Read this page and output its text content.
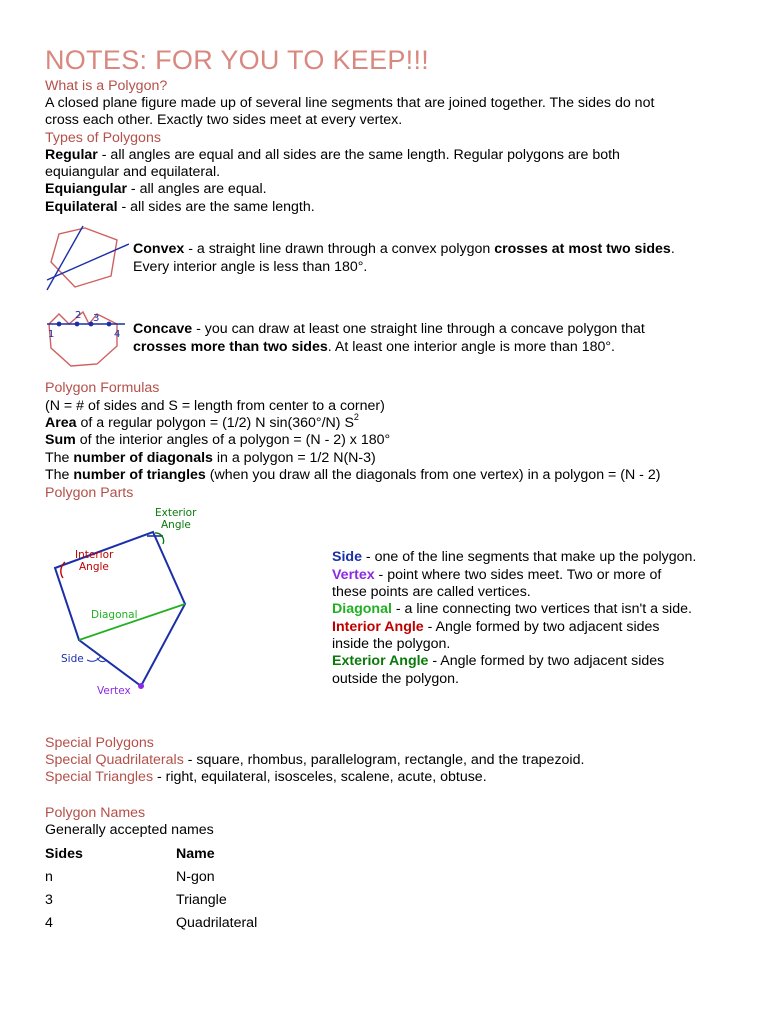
NOTES: FOR YOU TO KEEP!!!
What is a Polygon?
A closed plane figure made up of several line segments that are joined together. The sides do not
cross each other. Exactly two sides meet at every vertex.
Types of Polygons
Regular - all angles are equal and all sides are the same length. Regular polygons are both
equiangular and equilateral.
Equiangular - all angles are equal.
Equilateral - all sides are the same length.
Convex - a straight line drawn through a convex polygon crosses at most two sides.
Every interior angle is less than 180°.
1
2 3
4 Concave - you can draw at least one straight line through a concave polygon that
crosses more than two sides. At least one interior angle is more than 180°.
Polygon Formulas
(N = # of sides and S = length from center to a corner)
Area of a regular polygon = (1/2) N sin(360°/N) $S^2$
Sum of the interior angles of a polygon = (N - 2) x 180°
The number of diagonals in a polygon = 1/2 N(N-3)
The number of triangles (when you draw all the diagonals from one vertex) in a polygon = (N - 2)
Polygon Parts
Exterior
Angle
Interior
Angle
Diagonal
Side
Vertex
Side - one of the line segments that make up the polygon.
Vertex - point where two sides meet. Two or more of
these points are called vertices.
Diagonal - a line connecting two vertices that isn't a side.
Interior Angle - Angle formed by two adjacent sides
inside the polygon.
Exterior Angle - Angle formed by two adjacent sides
outside the polygon.
Special Polygons
Special Quadrilaterals - square, rhombus, parallelogram, rectangle, and the trapezoid.
Special Triangles - right, equilateral, isosceles, scalene, acute, obtuse.
Polygon Names
Generally accepted names
Sides	Name
n	N-gon
3	Triangle
4	Quadrilateral
